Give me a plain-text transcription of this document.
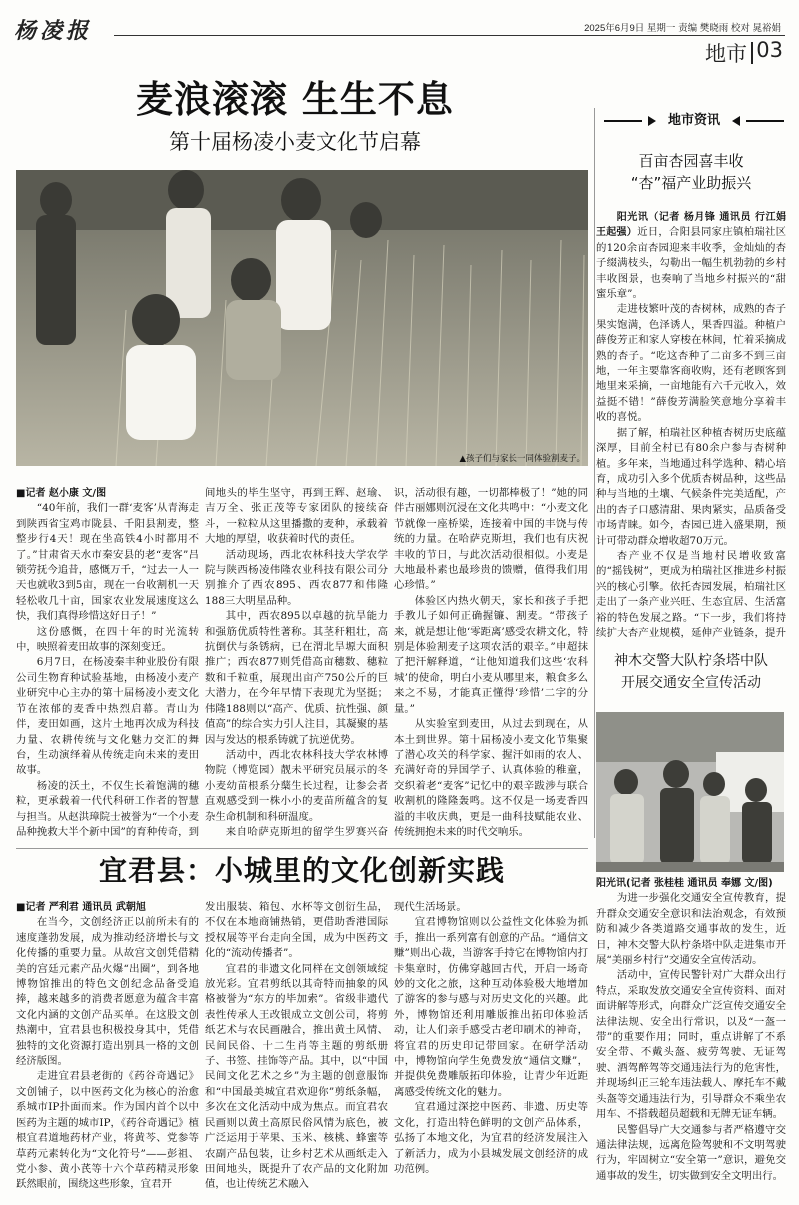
杨凌报	2025年6月9日 星期一 责编 樊晓雨 校对 晁裕娟
地市 03
麦浪滚滚 生生不息
第十届杨凌小麦文化节启幕
▲孩子们与家长一同体验割麦子。

■记者 赵小康 文/图

“40年前，我们一群‘麦客’从青海走到陕西省宝鸡市陇县、千阳县割麦，整整步行4天！现在坐高铁4小时都用不了。”甘肃省天水市秦安县的老“麦客”吕锁劳抚今追昔，感慨万千，“过去一人一天也就收3到5亩，现在一台收割机一天轻松收几十亩，国家农业发展速度这么快，我们真得珍惜这好日子！”

这份感慨，在四十年的时光流转中，映照着麦田故事的深刻变迁。

6月7日，在杨凌秦丰种业股份有限公司生物育种试验基地，由杨凌小麦产业研究中心主办的第十届杨凌小麦文化节在浓郁的麦香中热烈启幕。青山为伴，麦田如画，这片土地再次成为科技力量、农耕传统与文化魅力交汇的舞台，生动演绎着从传统走向未来的麦田故事。

杨凌的沃土，不仅生长着饱满的穗粒，更承载着一代代科研工作者的智慧与担当。从赵洪璋院士被誉为“一个小麦品种挽救大半个新中国”的育种传奇，到

间地头的毕生坚守，再到王辉、赵瑜、吉万全、张正茂等专家团队的接续奋斗，一粒粒从这里播撒的麦种，承载着大地的厚望，收获着时代的责任。

活动现场，西北农林科技大学农学院与陕西杨凌伟隆农业科技有限公司分别推介了西农895、西农877和伟隆188三大明星品种。

其中，西农895以卓越的抗旱能力和强筋优质特性著称。其茎秆粗壮，高抗倒伏与条锈病，已在渭北旱塬大面积推广；西农877则凭借高亩穗数、穗粒数和千粒重，展现出亩产750公斤的巨大潜力，在今年早情下表现尤为坚挺；伟隆188则以“高产、优质、抗性强、颜值高”的综合实力引人注目，其凝聚的基因与发达的根系铸就了抗逆优势。

活动中，西北农林科技大学农林博物院（博览园）靓未平研究员展示的冬小麦幼苗根系分蘖生长过程，让参会者直观感受到一株小小的麦苗所蕴含的复杂生命机制和科研温度。

来自哈萨克斯坦的留学生罗赛兴奋

识，活动很有趣，一切都棒极了！”她的同伴古丽娜则沉浸在文化共鸣中：“小麦文化节就像一座桥梁，连接着中国的丰饶与传统的力量。在哈萨克斯坦，我们也有庆祝丰收的节日，与此次活动很相似。小麦是大地最朴素也最珍贵的馈赠，值得我们用心珍惜。”

体验区内热火朝天，家长和孩子手把手教儿子如何正确握镰、割麦。“带孩子来，就是想让他‘零距离’感受农耕文化，特别是体验割麦子这项农活的艰辛。”申超抹了把汗解释道，“让他知道我们这些‘农科城’的使命，明白小麦从哪里来，粮食多么来之不易，才能真正懂得‘珍惜’二字的分量。”

从实验室到麦田，从过去到现在，从本土到世界。第十届杨凌小麦文化节集聚了潜心攻关的科学家、握汗如雨的农人、充满好奇的异国学子、认真体验的稚童，交织着老“麦客”记忆中的艰辛跋涉与联合收割机的隆隆轰鸣。这不仅是一场麦香四溢的丰收庆典，更是一曲科技赋能农业、传统拥抱未来的时代交响乐。

地市资讯
百亩杏园喜丰收
“杏”福产业助振兴

阳光讯（记者 杨月锋 通讯员 行江娟 王起强）近日，合阳县同家庄镇柏瑞社区的120余亩杏园迎来丰收季，金灿灿的杏子缀满枝头，勾勒出一幅生机勃勃的乡村丰收图景，也奏响了当地乡村振兴的“甜蜜乐章”。

走进枝繁叶茂的杏树林，成熟的杏子果实饱满，色泽诱人，果香四溢。种植户薛俊芳正和家人穿梭在林间，忙着采摘成熟的杏子。“吃这杏种了二亩多不到三亩地，一年主要靠客商收购，还有老顾客到地里来采摘，一亩地能有六千元收入，效益挺不错！”薛俊芳满脸笑意地分享着丰收的喜悦。

据了解，柏瑞社区种植杏树历史底蕴深厚，目前全村已有80余户参与杏树种植。多年来，当地通过科学选种、精心培育，成功引入多个优质杏树品种，这些品种与当地的土壤、气候条件完美适配，产出的杏子口感清甜、果肉紧实，品质备受市场青睐。如今，杏园已进入盛果期，预计可带动群众增收超70万元。

杏产业不仅是当地村民增收致富的“摇钱树”，更成为柏瑞社区推进乡村振兴的核心引擎。依托杏园发展，柏瑞社区走出了一条产业兴旺、生态宜居、生活富裕的特色发展之路。“下一步，我们将持续扩大杏产业规模，延伸产业链条，提升

神木交警大队柠条塔中队
开展交通安全宣传活动

阳光讯(记者 张桂桂 通讯员 奉娜 文/图)

为进一步强化交通安全宣传教育，提升群众交通安全意识和法治观念，有效预防和减少各类道路交通事故的发生，近日，神木交警大队柠条塔中队走进集市开展“美丽乡村行”交通安全宣传活动。

活动中，宣传民警针对广大群众出行特点，采取发放交通安全宣传资料、面对面讲解等形式，向群众广泛宣传交通安全法律法规、安全出行常识，以及“一盔一带”的重要作用；同时，重点讲解了不系安全带、不戴头盔、疲劳驾驶、无证驾驶、酒驾醉驾等交通违法行为的危害性，并现场纠正三轮车违法载人、摩托车不戴头盔等交通违法行为，引导群众不乘坐农用车、不搭载超员超载和无牌无证车辆。

民警倡导广大交通参与者严格遵守交通法律法规，远离危险驾驶和不文明驾驶行为，牢固树立“安全第一”意识，避免交通事故的发生，切实做到安全文明出行。

宜君县：小城里的文化创新实践

■记者 严利君 通讯员 武朝旭

在当今，文创经济正以前所未有的速度蓬勃发展，成为推动经济增长与文化传播的重要力量。从故宫文创凭借精美的宫廷元素产品火爆“出圈”，到各地博物馆推出的特色文创纪念品备受追捧，越来越多的消费者愿意为蕴含丰富文化内涵的文创产品买单。在这股文创热潮中，宜君县也积极投身其中，凭借独特的文化资源打造出别具一格的文创经济版图。

走进宜君县老街的《药谷奇遇记》文创铺子，以中医药文化为核心的治愈系城市IP扑面而来。作为国内首个以中医药为主题的城市IP，《药谷奇遇记》植根宜君道地药材产业，将黄芩、党参等草药元素转化为“文化符号”——彭祖、党小参、黄小芪等十六个草药精灵形象跃然眼前，围绕这些形象，宜君开

发出服装、箱包、水杯等文创衍生品，不仅在本地商铺热销，更借助香港国际授权展等平台走向全国，成为中医药文化的“流动传播者”。

宜君的非遗文化同样在文创领域绽放光彩。宜君剪纸以其奇特而抽象的风格被誉为“东方的毕加索”。省级非遗代表性传承人王改银成立文创公司，将剪纸艺术与农民画融合，推出黄土风情、民间民俗、十二生肖等主题的剪纸册子、书签、挂饰等产品。其中，以“中国民间文化艺术之乡”为主题的创意服饰和“中国最美城宜君欢迎你”剪纸条幅，多次在文化活动中成为焦点。而宜君农民画则以黄土高原民俗风情为底色，被广泛运用于苹果、玉米、核桃、蜂蜜等农副产品包装，让乡村艺术从画纸走入田间地头，既提升了农产品的文化附加值，也让传统艺术融入

现代生活场景。

宜君博物馆则以公益性文化体验为抓手，推出一系列富有创意的产品。“通信文赚”则出心裁，当游客手持它在博物馆内打卡集章时，仿佛穿越回古代，开启一场奇妙的文化之旅，这种互动体验极大地增加了游客的参与感与对历史文化的兴趣。此外，博物馆还利用雕版推出拓印体验活动，让人们亲手感受古老印刷术的神奇，将宜君的历史印记带回家。在研学活动中，博物馆向学生免费发放“通信文赚”，并提供免费雕版拓印体验，让青少年近距离感受传统文化的魅力。

宜君通过深挖中医药、非遗、历史等文化，打造出特色鲜明的文创产品体系，弘扬了本地文化，为宜君的经济发展注入了新活力，成为小县城发展文创经济的成功范例。
